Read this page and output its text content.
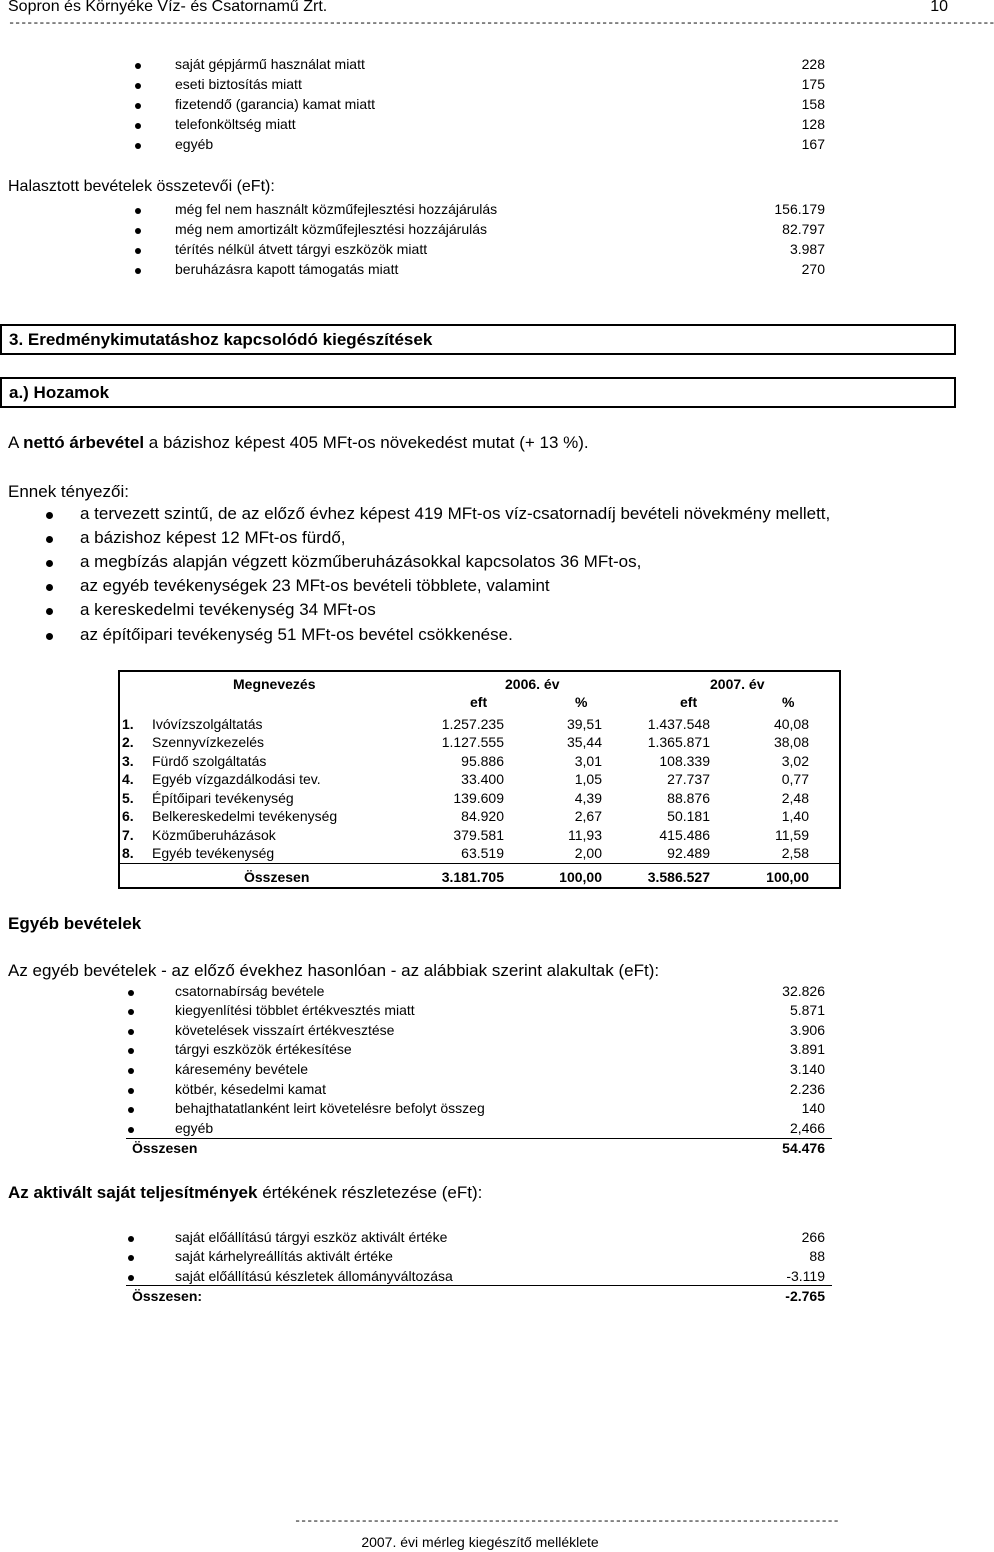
Sopron és Környéke Víz- és Csatornamű Zrt.	10
-------------------------------------------------------------------------------------------------------------------------------------------------------------------
saját gépjármű használat miatt	228
eseti biztosítás miatt	175
fizetendő (garancia) kamat miatt	158
telefonköltség miatt	128
egyéb	167
Halasztott bevételek összetevői (eFt):
még fel nem használt közműfejlesztési hozzájárulás	156.179
még nem amortizált közműfejlesztési hozzájárulás	82.797
térítés nélkül átvett tárgyi eszközök miatt	3.987
beruházásra kapott támogatás miatt	270
3. Eredménykimutatáshoz kapcsolódó kiegészítések
a.) Hozamok
A nettó árbevétel a bázishoz képest 405 MFt-os növekedést mutat (+ 13 %).
Ennek tényezői:
a tervezett szintű, de az előző évhez képest 419 MFt-os víz-csatornadíj bevételi növekmény mellett,
a bázishoz képest 12 MFt-os fürdő,
a megbízás alapján végzett közműberuházásokkal kapcsolatos 36 MFt-os,
az egyéb tevékenységek 23 MFt-os bevételi többlete, valamint
a kereskedelmi tevékenység 34 MFt-os
az építőipari tevékenység 51 MFt-os bevétel csökkenése.
Megnevezés	2006. év	2007. év
eft	%	eft	%
1. Ivóvízszolgáltatás	1.257.235	39,51	1.437.548	40,08
2. Szennyvízkezelés	1.127.555	35,44	1.365.871	38,08
3. Fürdő szolgáltatás	95.886	3,01	108.339	3,02
4. Egyéb vízgazdálkodási tev.	33.400	1,05	27.737	0,77
5. Építőipari tevékenység	139.609	4,39	88.876	2,48
6. Belkereskedelmi tevékenység	84.920	2,67	50.181	1,40
7. Közműberuházások	379.581	11,93	415.486	11,59
8. Egyéb tevékenység	63.519	2,00	92.489	2,58
Összesen	3.181.705	100,00	3.586.527	100,00
Egyéb bevételek
Az egyéb bevételek - az előző évekhez hasonlóan - az alábbiak szerint alakultak (eFt):
csatornabírság bevétele	32.826
kiegyenlítési többlet értékvesztés miatt	5.871
követelések visszaírt értékvesztése	3.906
tárgyi eszközök értékesítése	3.891
káresemény bevétele	3.140
kötbér, késedelmi kamat	2.236
behajthatatlanként leirt követelésre befolyt összeg	140
egyéb	2,466
Összesen	54.476
Az aktivált saját teljesítmények értékének részletezése (eFt):
saját előállítású tárgyi eszköz aktivált értéke	266
saját kárhelyreállítás aktivált értéke	88
saját előállítású készletek állományváltozása	-3.119
Összesen:	-2.765
------------------------------------------------------------------------------------------
2007. évi mérleg kiegészítő melléklete
